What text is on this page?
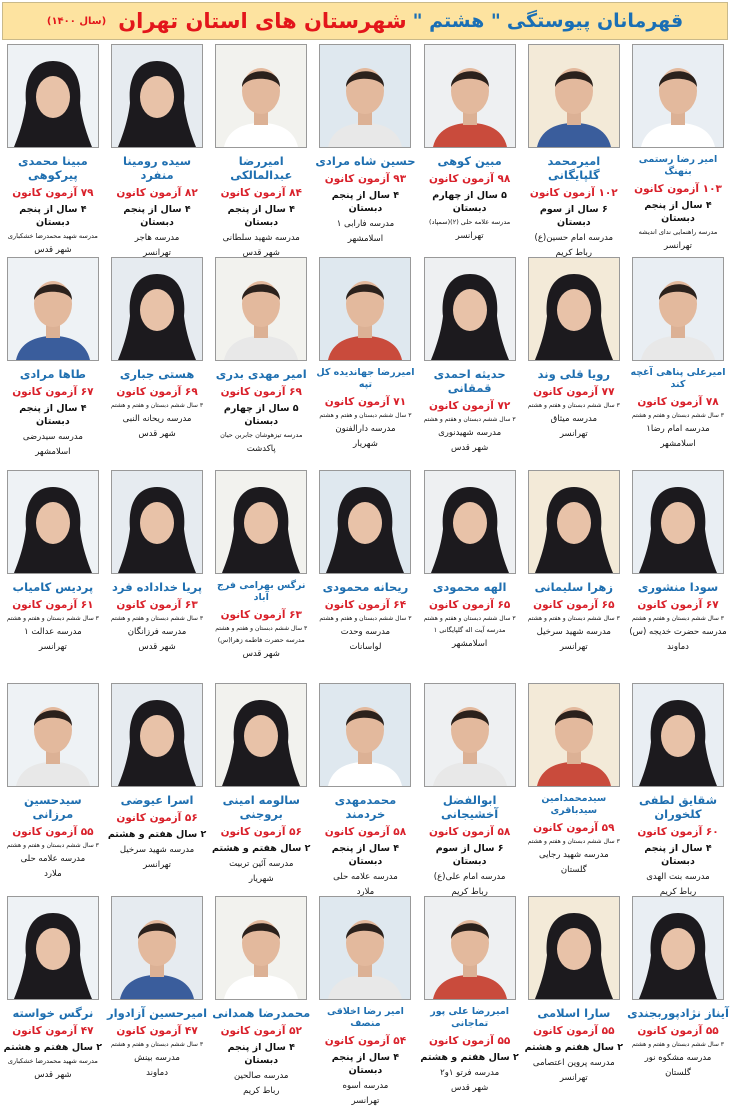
قهرمانان پیوستگی
" هشتم "
شهرستان های استان تهران
(سال ۱۴۰۰)
امیر رضا رستمی بنهنگ
۱۰۳ آزمون کانون
۴ سال از پنجم دبستان
مدرسه راهنمایی ندای اندیشه
تهرانسر
امیرمحمد گلپایگانی
۱۰۲ آزمون کانون
۶ سال از سوم دبستان
مدرسه امام حسین(ع)
رباط کریم
مبین کوهی
۹۸ آزمون کانون
۵ سال از چهارم دبستان
مدرسه علامه حلی (۲)(سمپاد)
تهرانسر
حسین شاه مرادی
۹۳ آزمون کانون
۴ سال از پنجم دبستان
مدرسه فارابی ۱
اسلامشهر
امیررضا عبدالمالکی
۸۴ آزمون کانون
۴ سال از پنجم دبستان
مدرسه شهید سلطانی
شهر قدس
سیده رومینا منفرد
۸۲ آزمون کانون
۴ سال از پنجم دبستان
مدرسه هاجر
تهرانسر
مبینا محمدی پیرکوهی
۷۹ آزمون کانون
۴ سال از پنجم دبستان
مدرسه شهید محمدرضا خشکباری
شهر قدس
امیرعلی پناهی آغچه کند
۷۸ آزمون کانون
۳ سال ششم دبستان و هفتم و هشتم
مدرسه امام رضا۱
اسلامشهر
رویا قلی وند
۷۷ آزمون کانون
۳ سال ششم دبستان و هفتم و هشتم
مدرسه میثاق
تهرانسر
حدیثه احمدی قمقانی
۷۲ آزمون کانون
۳ سال ششم دبستان و هفتم و هشتم
مدرسه شهیدنوری
شهر قدس
امیررضا جهاندیده کل تپه
۷۱ آزمون کانون
۳ سال ششم دبستان و هفتم و هشتم
مدرسه دارالفنون
شهریار
امیر مهدی بدری
۶۹ آزمون کانون
۵ سال از چهارم دبستان
مدرسه تیزهوشان جابربن حیان
پاکدشت
هستی جباری
۶۹ آزمون کانون
۳ سال ششم دبستان و هفتم و هشتم
مدرسه ریحانه النبی
شهر قدس
طاها مرادی
۶۷ آزمون کانون
۴ سال از پنجم دبستان
مدرسه سیدرضی
اسلامشهر
سودا منشوری
۶۷ آزمون کانون
۳ سال ششم دبستان و هفتم و هشتم
مدرسه حضرت خدیجه (س)
دماوند
زهرا سلیمانی
۶۵ آزمون کانون
۳ سال ششم دبستان و هفتم و هشتم
مدرسه شهید سرخیل
تهرانسر
الهه محمودی
۶۵ آزمون کانون
۳ سال ششم دبستان و هفتم و هشتم
مدرسه آیت اله گلپایگانی ۱
اسلامشهر
ریحانه محمودی
۶۴ آزمون کانون
۳ سال ششم دبستان و هفتم و هشتم
مدرسه وحدت
لواسانات
نرگس بهرامی فرج آباد
۶۳ آزمون کانون
۳ سال ششم دبستان و هفتم و هشتم
مدرسه حضرت فاطمه زهرا(س)
شهر قدس
پریا خداداده فرد
۶۳ آزمون کانون
۳ سال ششم دبستان و هفتم و هشتم
مدرسه فرزانگان
شهر قدس
پردیس کامیاب
۶۱ آزمون کانون
۳ سال ششم دبستان و هفتم و هشتم
مدرسه عدالت ۱
تهرانسر
شقایق لطفی کلخوران
۶۰ آزمون کانون
۴ سال از پنجم دبستان
مدرسه بنت الهدی
رباط کریم
سیدمحمدامین سیدباقری
۵۹ آزمون کانون
۳ سال ششم دبستان و هفتم و هشتم
مدرسه شهید رجایی
گلستان
ابوالفضل آخشیجانی
۵۸ آزمون کانون
۶ سال از سوم دبستان
مدرسه امام علی(ع)
رباط کریم
محمدمهدی خردمند
۵۸ آزمون کانون
۴ سال از پنجم دبستان
مدرسه علامه حلی
ملارد
سالومه امینی بروجنی
۵۶ آزمون کانون
۲ سال هفتم و هشتم
مدرسه آئین تربیت
شهریار
اسرا عیوضی
۵۶ آزمون کانون
۲ سال هفتم و هشتم
مدرسه شهید سرخیل
تهرانسر
سیدحسین مرزانی
۵۵ آزمون کانون
۳ سال ششم دبستان و هفتم و هشتم
مدرسه علامه حلی
ملارد
آیناز نژادپوربجندی
۵۵ آزمون کانون
۳ سال ششم دبستان و هفتم و هشتم
مدرسه مشکوه نور
گلستان
سارا اسلامی
۵۵ آزمون کانون
۲ سال هفتم و هشتم
مدرسه پروین اعتصامی
تهرانسر
امیررضا علی پور تماجانی
۵۵ آزمون کانون
۲ سال هفتم و هشتم
مدرسه فرتو ۱و۲
شهر قدس
امیر رضا اخلاقی منصف
۵۴ آزمون کانون
۴ سال از پنجم دبستان
مدرسه اسوه
تهرانسر
محمدرضا همدانی
۵۲ آزمون کانون
۴ سال از پنجم دبستان
مدرسه صالحین
رباط کریم
امیرحسین آزادوار
۴۷ آزمون کانون
۳ سال ششم دبستان و هفتم و هشتم
مدرسه بینش
دماوند
نرگس خواسته
۴۷ آزمون کانون
۲ سال هفتم و هشتم
مدرسه شهید محمدرضا خشکباری
شهر قدس
